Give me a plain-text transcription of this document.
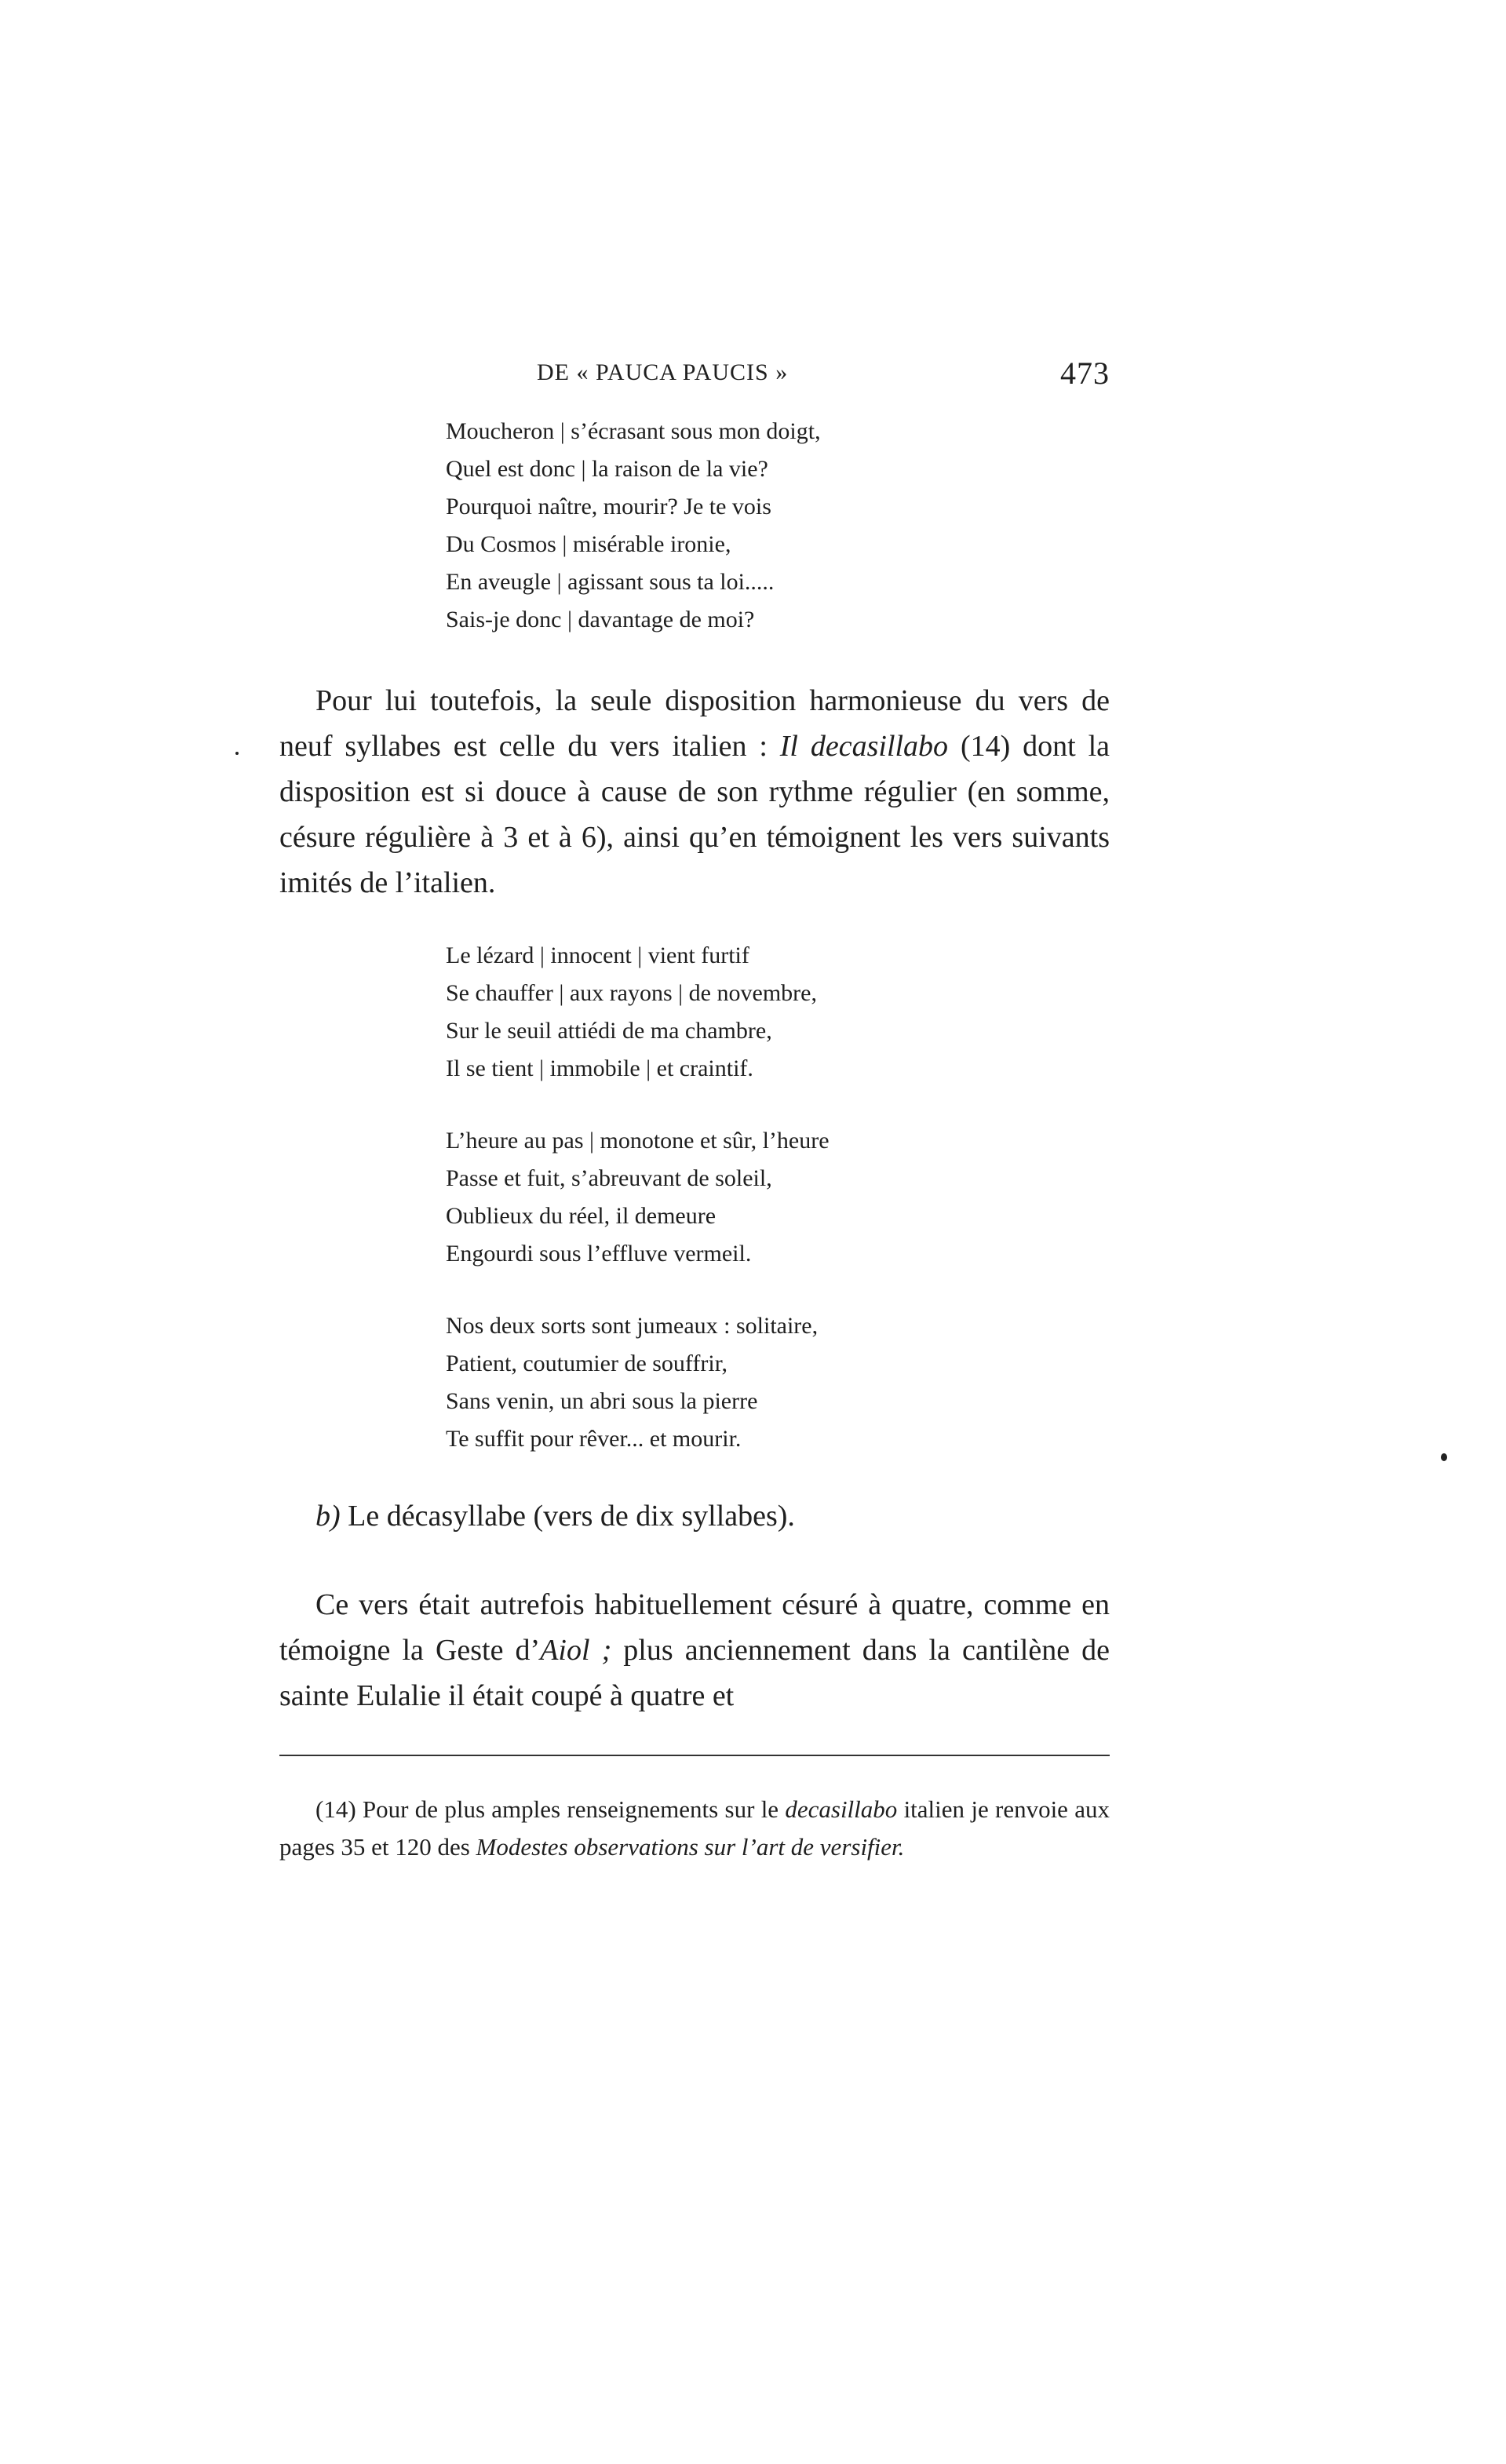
DE « PAUCA PAUCIS »	473
Moucheron | s’écrasant sous mon doigt,
Quel est donc | la raison de la vie?
Pourquoi naître, mourir? Je te vois
Du Cosmos | misérable ironie,
En aveugle | agissant sous ta loi.....
Sais-je donc | davantage de moi?

Pour lui toutefois, la seule disposition harmonieuse du vers de neuf syllabes est celle du vers italien : Il decasillabo (14) dont la disposition est si douce à cause de son rythme régulier (en somme, césure régulière à 3 et à 6), ainsi qu’en témoignent les vers suivants imités de l’italien.

Le lézard | innocent | vient furtif
Se chauffer | aux rayons | de novembre,
Sur le seuil attiédi de ma chambre,
Il se tient | immobile | et craintif.
L’heure au pas | monotone et sûr, l’heure
Passe et fuit, s’abreuvant de soleil,
Oublieux du réel, il demeure
Engourdi sous l’effluve vermeil.
Nos deux sorts sont jumeaux : solitaire,
Patient, coutumier de souffrir,
Sans venin, un abri sous la pierre
Te suffit pour rêver... et mourir.
b) Le décasyllabe (vers de dix syllabes).

Ce vers était autrefois habituellement césuré à quatre, comme en témoigne la Geste d’Aiol ; plus anciennement dans la cantilène de sainte Eulalie il était coupé à quatre et

(14) Pour de plus amples renseignements sur le decasillabo italien je renvoie aux pages 35 et 120 des Modestes observations sur l’art de versifier.
